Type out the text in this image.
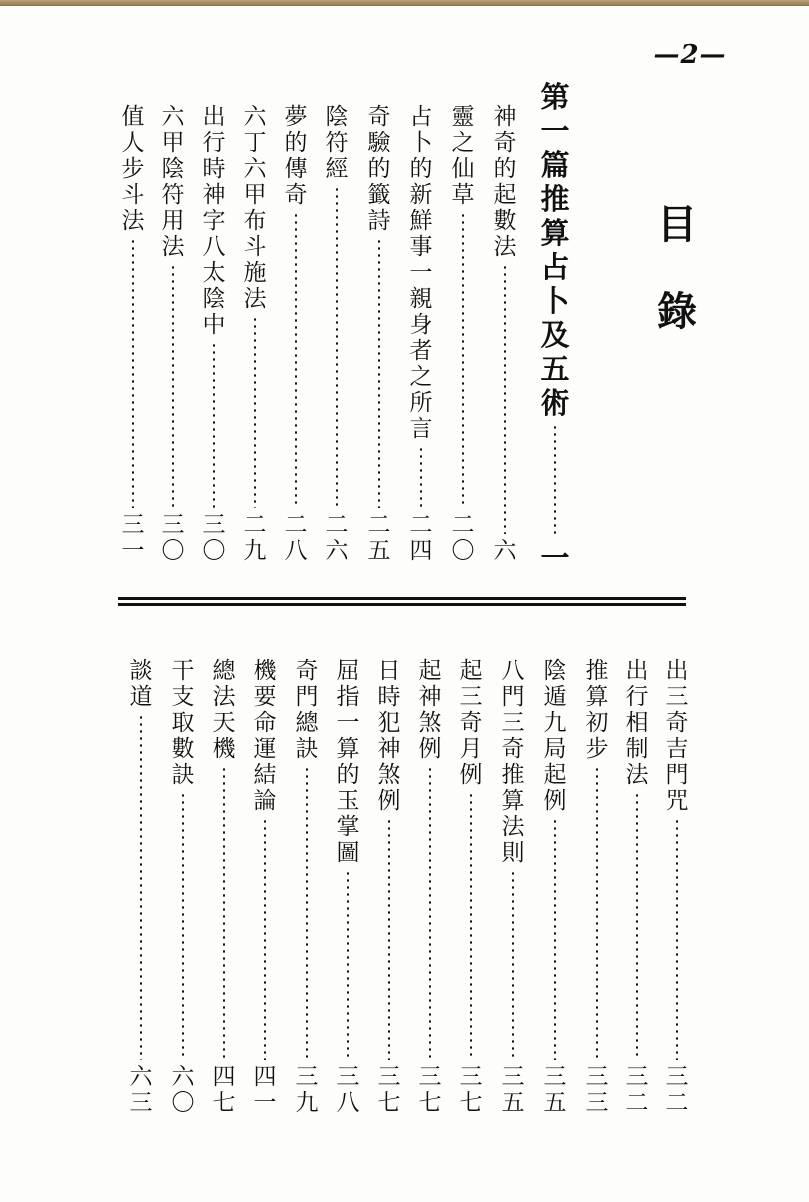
—2—
目
錄
第一篇 推算占卜及五術
一
神奇的起數法
六
靈之仙草
二〇
占卜的新鮮事一親身者之所言
二四
奇驗的籤詩
二五
陰符經
二六
夢的傳奇
二八
六丁六甲布斗施法
二九
出行時神字八太陰中
三〇
六甲陰符用法
三〇
值人步斗法
三一
出三奇吉門咒
三二
出行相制法
三二
推算初步
三三
陰遁九局起例
三五
八門三奇推算法則
三五
起三奇月例
三七
起神煞例
三七
日時犯神煞例
三七
屈指一算的玉掌圖
三八
奇門總訣
三九
機要命運結論
四一
總法天機
四七
干支取數訣
六〇
談道
六三
